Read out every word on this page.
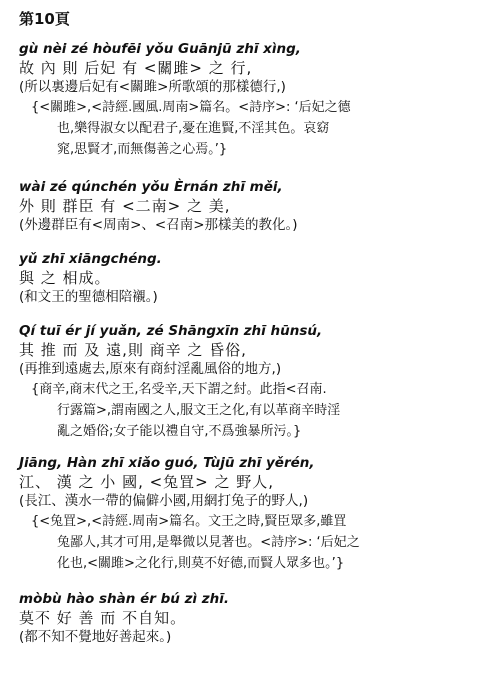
第10頁
gù nèi zé hòufēi yǒu Guānjū zhī xìng,
故 內 則 后妃 有 <關雎> 之 行,
(所以裏邊后妃有<關雎>所歌頌的那樣德行,)
{<關雎>,<詩經.國風.周南>篇名。<詩序>: ‘后妃之德
也,樂得淑女以配君子,憂在進賢,不淫其色。哀窈
窕,思賢才,而無傷善之心焉。’}
wài zé qúnchén yǒu Èrnán zhī měi,
外 則 群臣 有 <二南> 之 美,
(外邊群臣有<周南>、<召南>那樣美的教化。)
yǔ zhī xiāngchéng.
與 之 相成。
(和文王的聖德相陪襯。)
Qí tuī ér jí yuǎn, zé Shāngxīn zhī hūnsú,
其 推 而 及 遠,則 商辛 之 昏俗,
(再推到遠處去,原來有商紂淫亂風俗的地方,)
{商辛,商末代之王,名受辛,天下謂之紂。此指<召南.
行露篇>,謂南國之人,服文王之化,有以革商辛時淫
亂之婚俗;女子能以禮自守,不爲強暴所污。}
Jiāng, Hàn zhī xiǎo guó, Tùjū zhī yěrén,
江、 漢 之 小 國, <兔罝> 之 野人,
(長江、漢水一帶的偏僻小國,用網打兔子的野人,)
{<兔罝>,<詩經.周南>篇名。文王之時,賢臣眾多,雖罝
兔鄙人,其才可用,是舉微以見著也。<詩序>: ‘后妃之
化也,<關雎>之化行,則莫不好德,而賢人眾多也。’}
mòbù hào shàn ér bú zì zhī.
莫不 好 善 而 不自知。
(都不知不覺地好善起來。)
